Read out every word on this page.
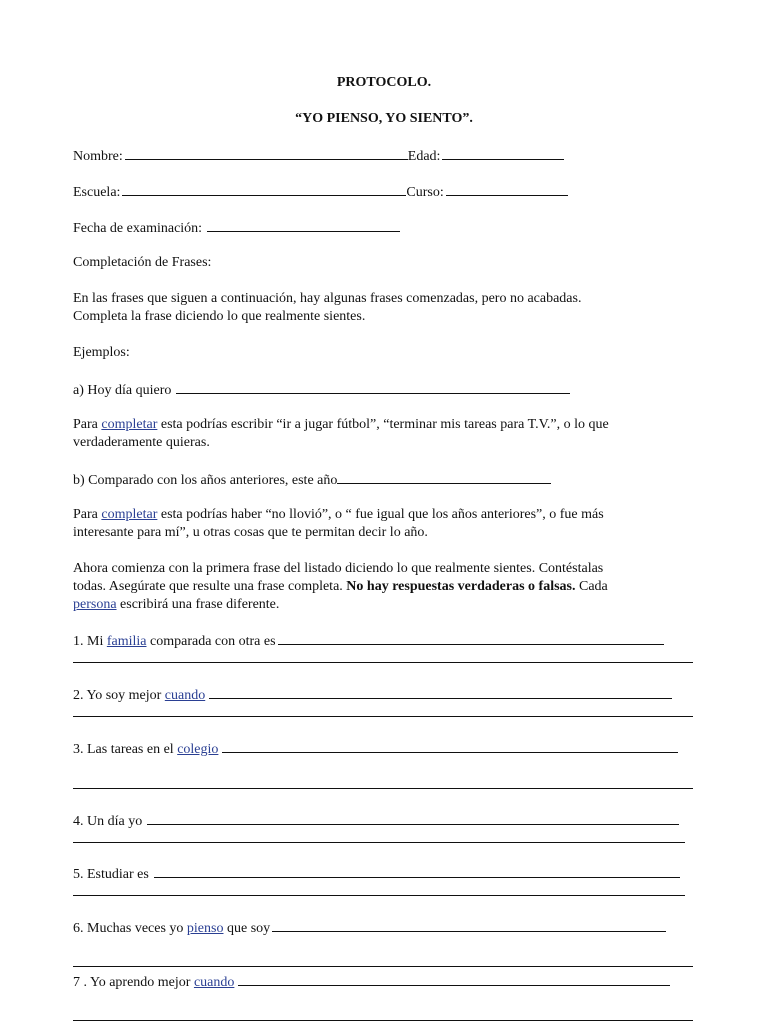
PROTOCOLO.
“YO PIENSO, YO SIENTO”.
Nombre:	Edad:
Escuela:	Curso:
Fecha de examinación:
Completación de Frases:
En las frases que siguen a continuación, hay algunas frases comenzadas, pero no acabadas.
Completa la frase diciendo lo que realmente sientes.
Ejemplos:
a) Hoy día quiero
Para completar esta podrías escribir “ir a jugar fútbol”, “terminar mis tareas para T.V.”, o lo que
verdaderamente quieras.
b) Comparado con los años anteriores, este año
Para completar esta podrías haber “no llovió”, o “ fue igual que los años anteriores”, o fue más
interesante para mí”, u otras cosas que te permitan decir lo año.
Ahora comienza con la primera frase del listado diciendo lo que realmente sientes. Contéstalas
todas. Asegúrate que resulte una frase completa. No hay respuestas verdaderas o falsas. Cada
persona escribirá una frase diferente.
1. Mi familia comparada con otra es
2. Yo soy mejor cuando
3. Las tareas en el colegio
4. Un día yo
5. Estudiar es
6. Muchas veces yo pienso que soy
7 . Yo aprendo mejor cuando
